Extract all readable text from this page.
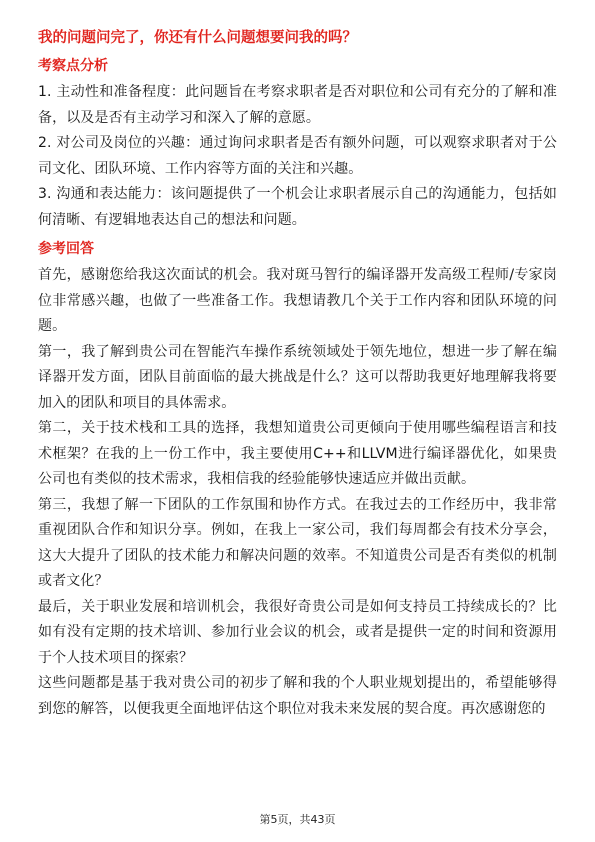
我的问题问完了，你还有什么问题想要问我的吗？

考察点分析

1. 主动性和准备程度：此问题旨在考察求职者是否对职位和公司有充分的了解和准备，以及是否有主动学习和深入了解的意愿。

2. 对公司及岗位的兴趣：通过询问求职者是否有额外问题，可以观察求职者对于公司文化、团队环境、工作内容等方面的关注和兴趣。

3. 沟通和表达能力：该问题提供了一个机会让求职者展示自己的沟通能力，包括如何清晰、有逻辑地表达自己的想法和问题。

参考回答

首先，感谢您给我这次面试的机会。我对斑马智行的编译器开发高级工程师/专家岗位非常感兴趣，也做了一些准备工作。我想请教几个关于工作内容和团队环境的问题。

第一，我了解到贵公司在智能汽车操作系统领域处于领先地位，想进一步了解在编译器开发方面，团队目前面临的最大挑战是什么？这可以帮助我更好地理解我将要加入的团队和项目的具体需求。

第二，关于技术栈和工具的选择，我想知道贵公司更倾向于使用哪些编程语言和技术框架？在我的上一份工作中，我主要使用C++和LLVM进行编译器优化，如果贵公司也有类似的技术需求，我相信我的经验能够快速适应并做出贡献。

第三，我想了解一下团队的工作氛围和协作方式。在我过去的工作经历中，我非常重视团队合作和知识分享。例如，在我上一家公司，我们每周都会有技术分享会，这大大提升了团队的技术能力和解决问题的效率。不知道贵公司是否有类似的机制或者文化？

最后，关于职业发展和培训机会，我很好奇贵公司是如何支持员工持续成长的？比如有没有定期的技术培训、参加行业会议的机会，或者是提供一定的时间和资源用于个人技术项目的探索？

这些问题都是基于我对贵公司的初步了解和我的个人职业规划提出的，希望能够得到您的解答，以便我更全面地评估这个职位对我未来发展的契合度。再次感谢您的

第5页，共43页
